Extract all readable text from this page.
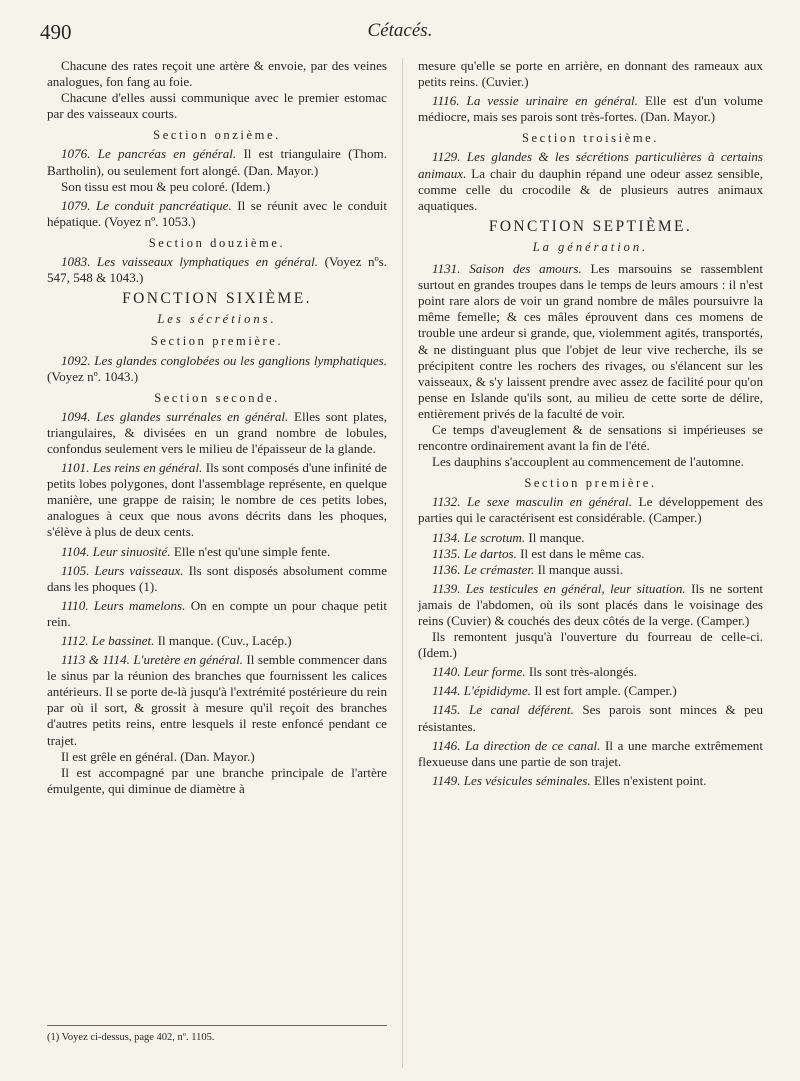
490	Cétacés.

Chacune des rates reçoit une artère & envoie, par des veines analogues, fon fang au foie.

Chacune d'elles aussi communique avec le premier estomac par des vaisseaux courts.

Section onzième.

1076. Le pancréas en général. Il est triangulaire (Thom. Bartholin), ou seulement fort alongé. (Dan. Mayor.)

Son tissu est mou & peu coloré. (Idem.)

1079. Le conduit pancréatique. Il se réunit avec le conduit hépatique. (Voyez nº. 1053.)

Section douzième.

1083. Les vaisseaux lymphatiques en général. (Voyez nºs. 547, 548 & 1043.)

FONCTION SIXIÈME.
Les sécrétions.
Section première.

1092. Les glandes conglobées ou les ganglions lymphatiques. (Voyez nº. 1043.)

Section seconde.

1094. Les glandes surrénales en général. Elles sont plates, triangulaires, & divisées en un grand nombre de lobules, confondus seulement vers le milieu de l'épaisseur de la glande.

1101. Les reins en général. Ils sont composés d'une infinité de petits lobes polygones, dont l'assemblage représente, en quelque manière, une grappe de raisin; le nombre de ces petits lobes, analogues à ceux que nous avons décrits dans les phoques, s'élève à plus de deux cents.

1104. Leur sinuosité. Elle n'est qu'une simple fente.

1105. Leurs vaisseaux. Ils sont disposés absolument comme dans les phoques (1).

1110. Leurs mamelons. On en compte un pour chaque petit rein.

1112. Le bassinet. Il manque. (Cuv., Lacép.)

1113 & 1114. L'uretère en général. Il semble commencer dans le sinus par la réunion des branches que fournissent les calices antérieurs. Il se porte de-là jusqu'à l'extrémité postérieure du rein par où il sort, & grossit à mesure qu'il reçoit des branches d'autres petits reins, entre lesquels il reste enfoncé pendant ce trajet.

Il est grêle en général. (Dan. Mayor.)

Il est accompagné par une branche principale de l'artère émulgente, qui diminue de diamètre à

mesure qu'elle se porte en arrière, en donnant des rameaux aux petits reins. (Cuvier.)

1116. La vessie urinaire en général. Elle est d'un volume médiocre, mais ses parois sont très-fortes. (Dan. Mayor.)

Section troisième.

1129. Les glandes & les sécrétions particulières à certains animaux. La chair du dauphin répand une odeur assez sensible, comme celle du crocodile & de plusieurs autres animaux aquatiques.

FONCTION SEPTIÈME.
La génération.

1131. Saison des amours. Les marsouins se rassemblent surtout en grandes troupes dans le temps de leurs amours : il n'est point rare alors de voir un grand nombre de mâles poursuivre la même femelle; & ces mâles éprouvent dans ces momens de trouble une ardeur si grande, que, violemment agités, transportés, & ne distinguant plus que l'objet de leur vive recherche, ils se précipitent contre les rochers des rivages, ou s'élancent sur les vaisseaux, & s'y laissent prendre avec assez de facilité pour qu'on pense en Islande qu'ils sont, au milieu de cette sorte de délire, entièrement privés de la faculté de voir.

Ce temps d'aveuglement & de sensations si impérieuses se rencontre ordinairement avant la fin de l'été.

Les dauphins s'accouplent au commencement de l'automne.

Section première.

1132. Le sexe masculin en général. Le développement des parties qui le caractérisent est considérable. (Camper.)

1134. Le scrotum. Il manque.

1135. Le dartos. Il est dans le même cas.

1136. Le crémaster. Il manque aussi.

1139. Les testicules en général, leur situation. Ils ne sortent jamais de l'abdomen, où ils sont placés dans le voisinage des reins (Cuvier) & couchés des deux côtés de la verge. (Camper.)

Ils remontent jusqu'à l'ouverture du fourreau de celle-ci. (Idem.)

1140. Leur forme. Ils sont très-alongés.

1144. L'épididyme. Il est fort ample. (Camper.)

1145. Le canal déférent. Ses parois sont minces & peu résistantes.

1146. La direction de ce canal. Il a une marche extrêmement flexueuse dans une partie de son trajet.

1149. Les vésicules séminales. Elles n'existent point.

(1) Voyez ci-dessus, page 402, nº. 1105.
